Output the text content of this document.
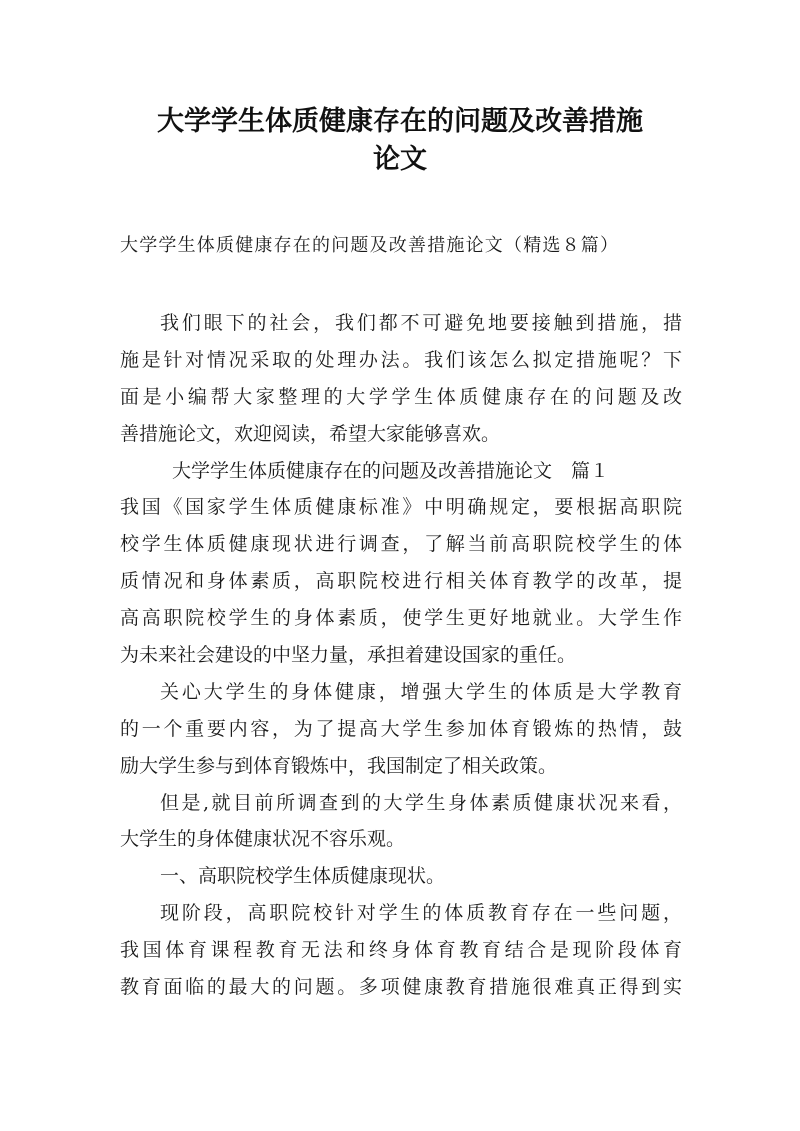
大学学生体质健康存在的问题及改善措施
论文
大学学生体质健康存在的问题及改善措施论文（精选８篇）
我们眼下的社会，我们都不可避免地要接触到措施，措
施是针对情况采取的处理办法。我们该怎么拟定措施呢？下
面是小编帮大家整理的大学学生体质健康存在的问题及改
善措施论文，欢迎阅读，希望大家能够喜欢。
大学学生体质健康存在的问题及改善措施论文　篇１
我国《国家学生体质健康标准》中明确规定，要根据高职院
校学生体质健康现状进行调查，了解当前高职院校学生的体
质情况和身体素质，高职院校进行相关体育教学的改革，提
高高职院校学生的身体素质，使学生更好地就业。大学生作
为未来社会建设的中坚力量，承担着建设国家的重任。
关心大学生的身体健康，增强大学生的体质是大学教育
的一个重要内容，为了提高大学生参加体育锻炼的热情，鼓
励大学生参与到体育锻炼中，我国制定了相关政策。
但是,就目前所调查到的大学生身体素质健康状况来看，
大学生的身体健康状况不容乐观。
一、高职院校学生体质健康现状。
现阶段，高职院校针对学生的体质教育存在一些问题，
我国体育课程教育无法和终身体育教育结合是现阶段体育
教育面临的最大的问题。多项健康教育措施很难真正得到实
